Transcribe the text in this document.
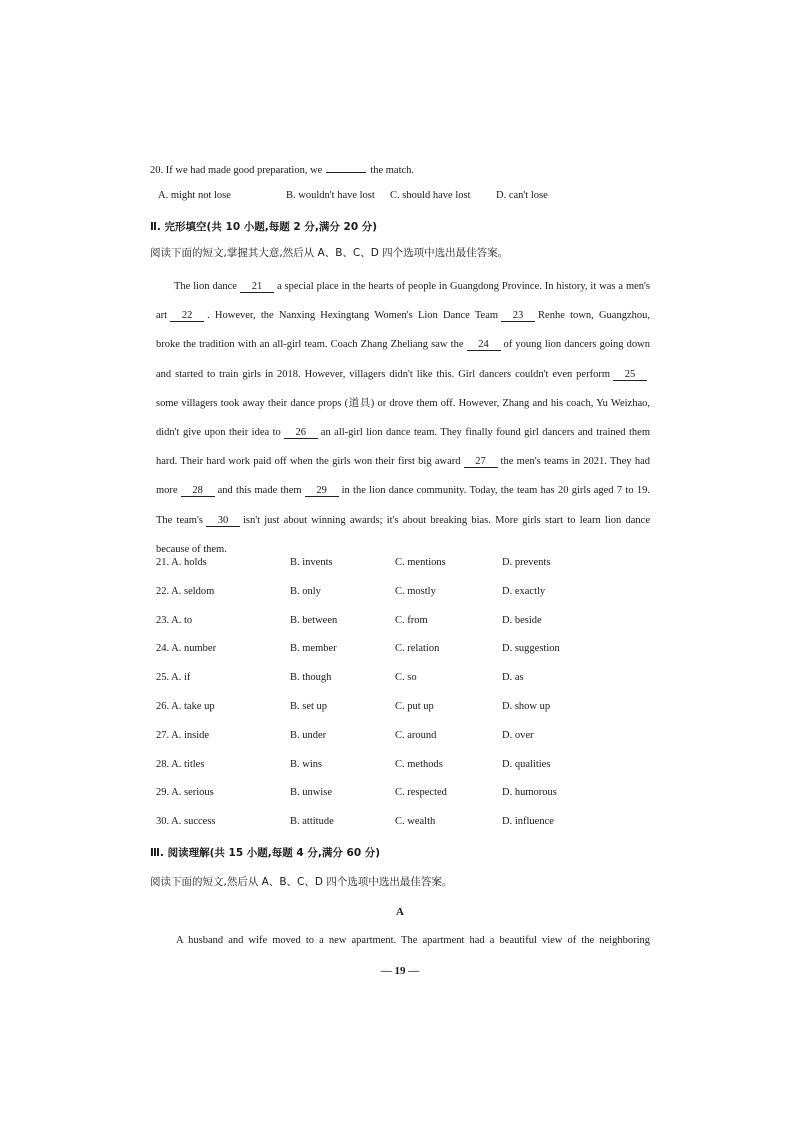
20. If we had made good preparation, we	the match.
A. might not lose	B. wouldn't have lost C. should have lost D. can't lose
Ⅱ. 完形填空(共 10 小题,每题 2 分,满分 20 分)
阅读下面的短文,掌握其大意,然后从 A、B、C、D 四个选项中选出最佳答案。
The lion dance 21 a special place in the hearts of people in Guangdong Province. In history, it was a men's art 22 . However, the Nanxing Hexingtang Women's Lion Dance Team 23 Renhe town, Guangzhou, broke the tradition with an all-girl team. Coach Zhang Zheliang saw the 24 of young lion dancers going down and started to train girls in 2018. However, villagers didn't like this. Girl dancers couldn't even perform 25some villagers took away their dance props (道具) or drove them off. However, Zhang and his coach, Yu Weizhao, didn't give upon their idea to 26 an all-girl lion dance team. They finally found girl dancers and trained them hard. Their hard work paid off when the girls won their first big award 27 the men's teams in 2021. They had more 28 and this made them 29 in the lion dance community. Today, the team has 20 girls aged 7 to 19. The team's 30 isn't just about winning awards; it's about breaking bias. More girls start to learn lion dance because of them.
21. A. holds	B. invents	C. mentions	D. prevents
22. A. seldom	B. only	C. mostly	D. exactly
23. A. to	B. between	C. from	D. beside
24. A. number	B. member	C. relation	D. suggestion
25. A. if	B. though	C. so	D. as
26. A. take up	B. set up	C. put up	D. show up
27. A. inside	B. under	C. around	D. over
28. A. titles	B. wins	C. methods	D. qualities
29. A. serious	B. unwise	C. respected	D. humorous
30. A. success	B. attitude	C. wealth	D. influence
Ⅲ. 阅读理解(共 15 小题,每题 4 分,满分 60 分)
阅读下面的短文,然后从 A、B、C、D 四个选项中选出最佳答案。
A
A husband and wife moved to a new apartment. The apartment had a beautiful view of the neighboring
— 19 —
